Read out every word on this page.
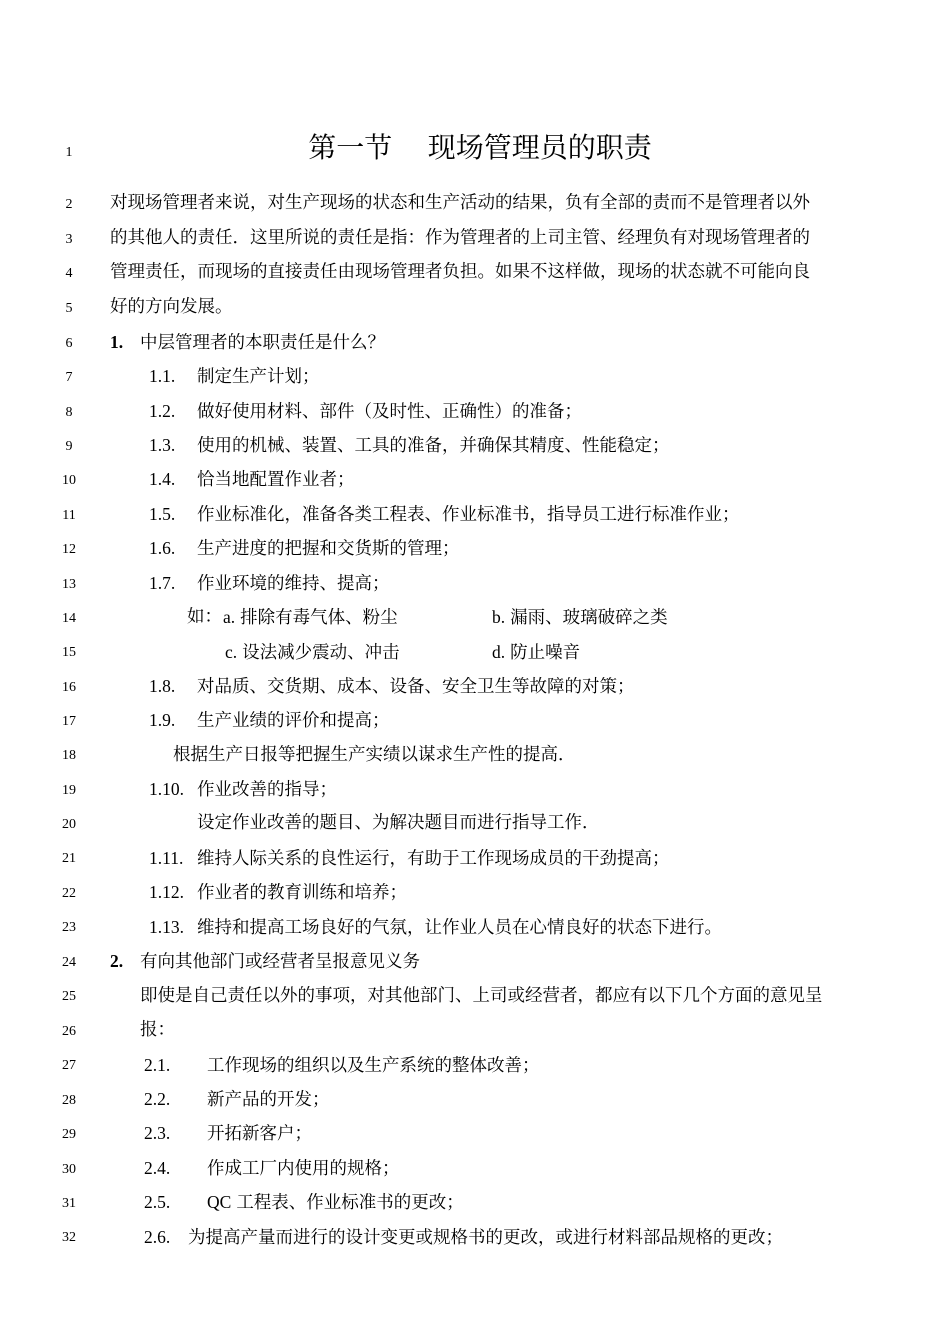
1
2
3
4
5
6
7
8
9
10
11
12
13
14
15
16
17
18
19
20
21
22
23
24
25
26
27
28
29
30
31
32
第一节    现场管理员的职责
对现场管理者来说，对生产现场的状态和生产活动的结果，负有全部的责而不是管理者以外
的其他人的责任．这里所说的责任是指：作为管理者的上司主管、经理负有对现场管理者的
管理责任，而现场的直接责任由现场管理者负担。如果不这样做，现场的状态就不可能向良
好的方向发展。
1. 中层管理者的本职责任是什么？
1.1. 制定生产计划；
1.2. 做好使用材料、部件（及时性、正确性）的准备；
1.3. 使用的机械、装置、工具的准备，并确保其精度、性能稳定；
1.4. 恰当地配置作业者；
1.5. 作业标准化，准备各类工程表、作业标准书，指导员工进行标准作业；
1.6. 生产进度的把握和交货斯的管理；
1.7. 作业环境的维持、提高；
如： a. 排除有毒气体、粉尘	b. 漏雨、玻璃破碎之类
c. 设法减少震动、冲击	d. 防止噪音
1.8. 对品质、交货期、成本、设备、安全卫生等故障的对策；
1.9. 生产业绩的评价和提高；
根据生产日报等把握生产实绩以谋求生产性的提高．
1.10. 作业改善的指导；
设定作业改善的题目、为解决题目而进行指导工作．
1.11. 维持人际关系的良性运行，有助于工作现场成员的干劲提高；
1.12. 作业者的教育训练和培养；
1.13. 维持和提高工场良好的气氛，让作业人员在心情良好的状态下进行。
2. 有向其他部门或经营者呈报意见义务
即使是自己责任以外的事项，对其他部门、上司或经营者，都应有以下几个方面的意见呈
报：
2.1. 工作现场的组织以及生产系统的整体改善；
2.2. 新产品的开发；
2.3. 开拓新客户；
2.4. 作成工厂内使用的规格；
2.5. QC 工程表、作业标准书的更改；
2.6. 为提高产量而进行的设计变更或规格书的更改，或进行材料部品规格的更改；
